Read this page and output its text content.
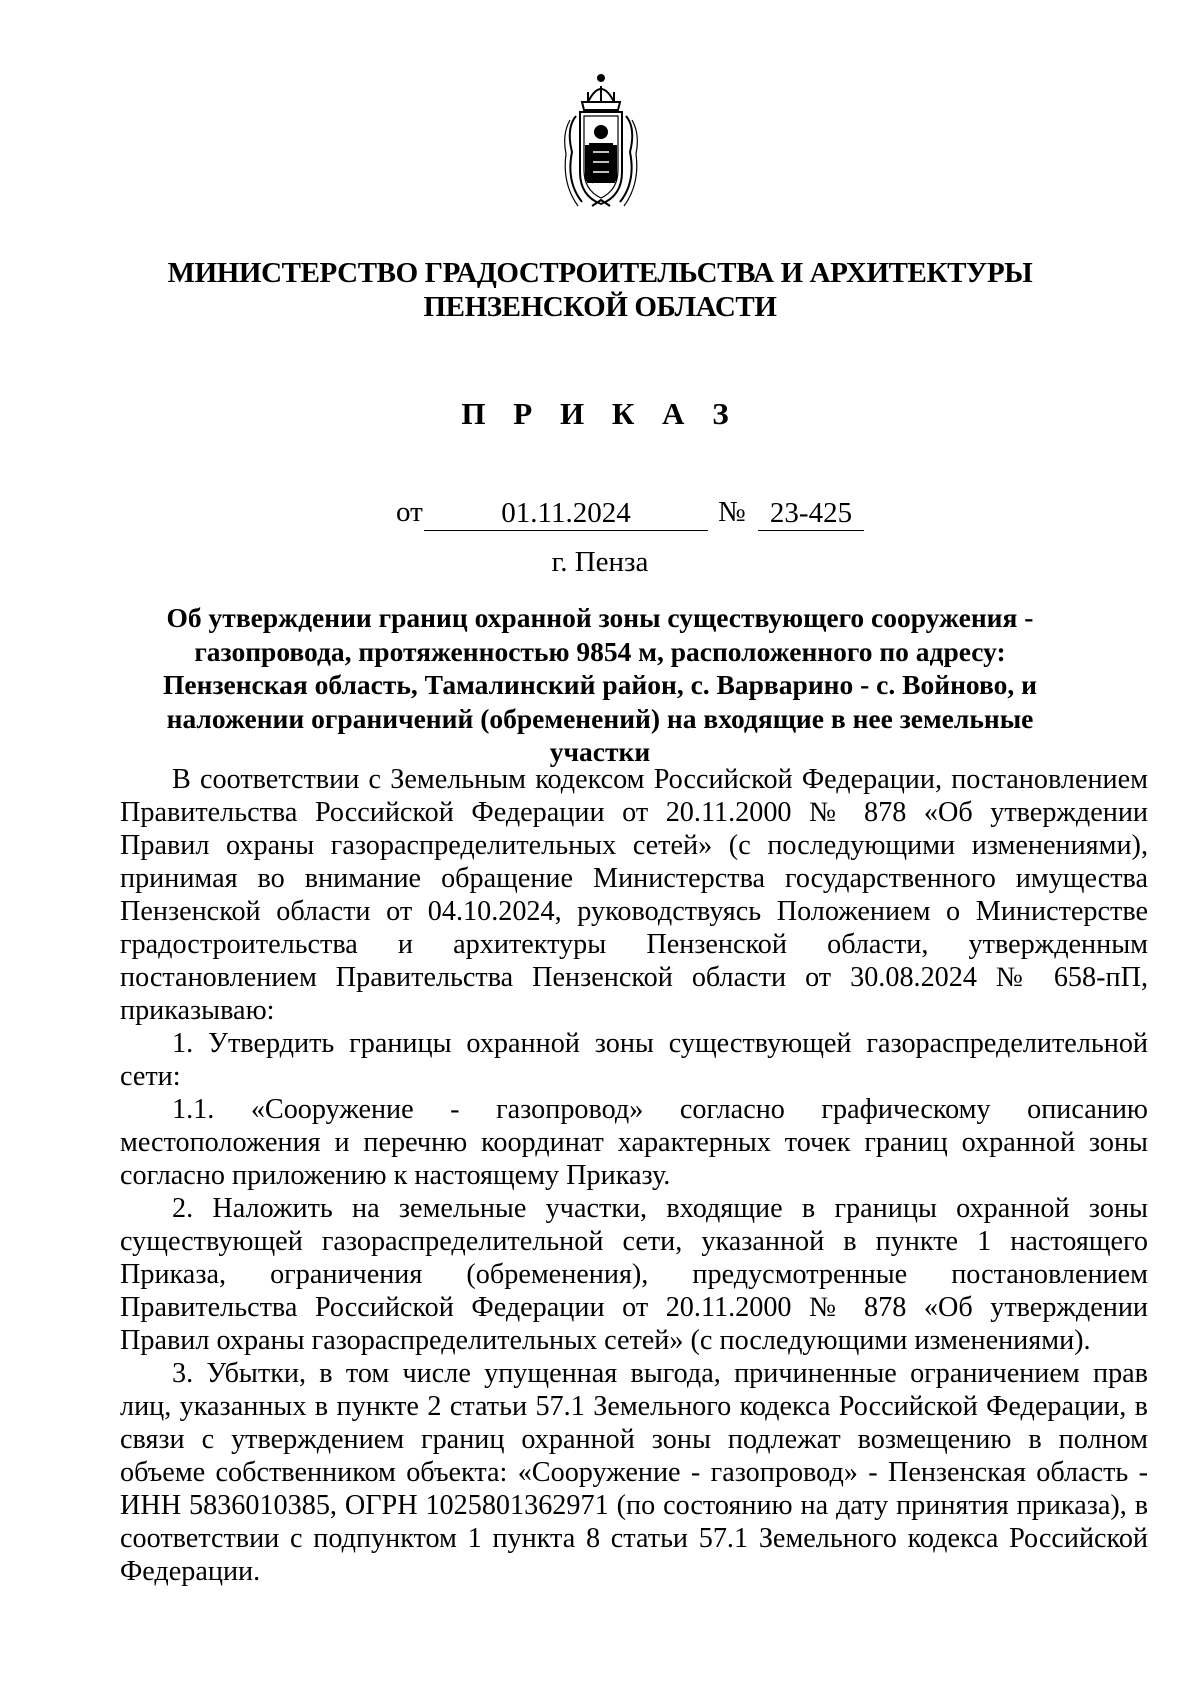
МИНИСТЕРСТВО ГРАДОСТРОИТЕЛЬСТВА И АРХИТЕКТУРЫ
ПЕНЗЕНСКОЙ ОБЛАСТИ
П Р И К А З
от	01.11.2024	№ 23-425
г. Пенза
Об утверждении границ охранной зоны существующего сооружения - газопровода, протяженностью 9854 м, расположенного по адресу: Пензенская область, Тамалинский район, с. Варварино - с. Войново, и наложении ограничений (обременений) на входящие в нее земельные участки

В соответствии с Земельным кодексом Российской Федерации, постановлением Правительства Российской Федерации от 20.11.2000 № 878 «Об утверждении Правил охраны газораспределительных сетей» (с последующими изменениями), принимая во внимание обращение Министерства государственного имущества Пензенской области от 04.10.2024, руководствуясь Положением о Министерстве градостроительства и архитектуры Пензенской области, утвержденным постановлением Правительства Пензенской области от 30.08.2024 № 658-пП, приказываю:

1. Утвердить границы охранной зоны существующей газораспределительной сети:

1.1. «Сооружение - газопровод» согласно графическому описанию местоположения и перечню координат характерных точек границ охранной зоны согласно приложению к настоящему Приказу.

2. Наложить на земельные участки, входящие в границы охранной зоны существующей газораспределительной сети, указанной в пункте 1 настоящего Приказа, ограничения (обременения), предусмотренные постановлением Правительства Российской Федерации от 20.11.2000 № 878 «Об утверждении Правил охраны газораспределительных сетей» (с последующими изменениями).

3. Убытки, в том числе упущенная выгода, причиненные ограничением прав лиц, указанных в пункте 2 статьи 57.1 Земельного кодекса Российской Федерации, в связи с утверждением границ охранной зоны подлежат возмещению в полном объеме собственником объекта: «Сооружение - газопровод» - Пензенская область - ИНН 5836010385, ОГРН 1025801362971 (по состоянию на дату принятия приказа), в соответствии с подпунктом 1 пункта 8 статьи 57.1 Земельного кодекса Российской Федерации.
